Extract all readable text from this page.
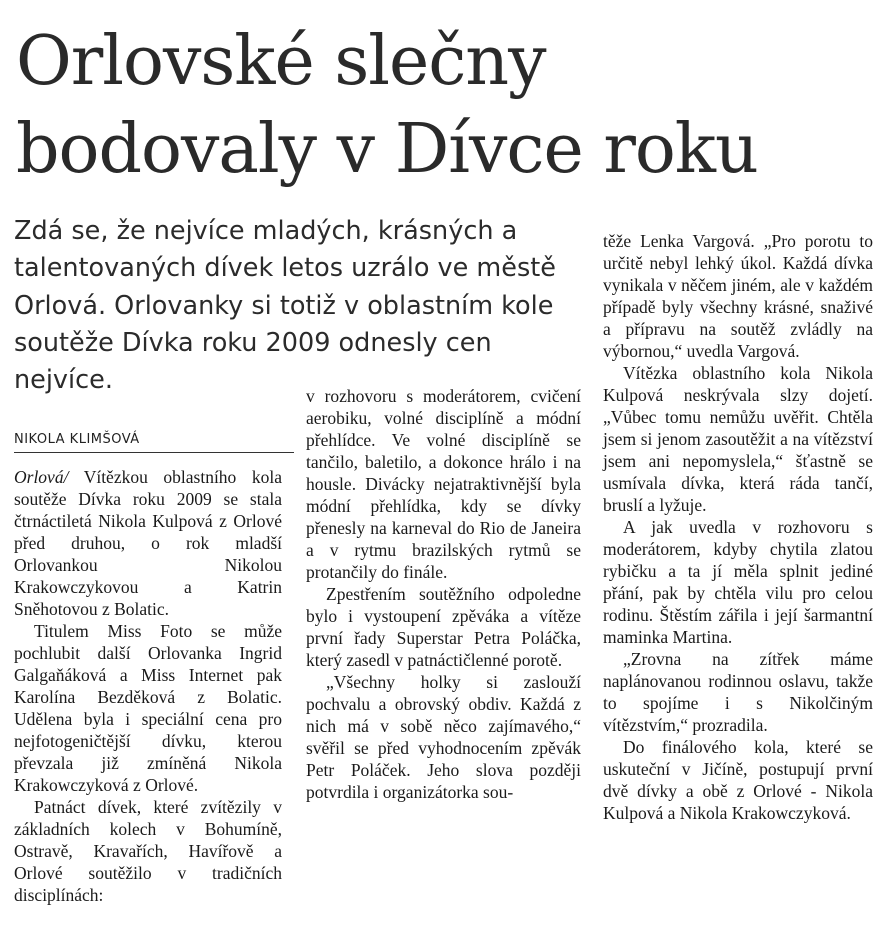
Orlovské slečny
bodovaly v Dívce roku

Zdá se, že nejvíce mladých, krásných a talentovaných dívek letos uzrálo ve městě Orlová. Orlovanky si totiž v oblastním kole soutěže Dívka roku 2009 odnesly cen nejvíce.

NIKOLA KLIMŠOVÁ

Orlová/ Vítězkou oblastního kola soutěže Dívka roku 2009 se stala čtrnáctiletá Nikola Kulpová z Orlové před druhou, o rok mladší Orlovankou Nikolou Krakowczykovou a Katrin Sněhotovou z Bolatic.

Titulem Miss Foto se může pochlubit další Orlovanka Ingrid Galgaňáková a Miss Internet pak Karolína Bezděková z Bolatic. Udělena byla i speciální cena pro nejfotogeničtější dívku, kterou převzala již zmíněná Nikola Krakowczyková z Orlové.

Patnáct dívek, které zvítězily v základních kolech v Bohumíně, Ostravě, Kravařích, Havířově a Orlové soutěžilo v tradičních disciplínách:

v rozhovoru s moderátorem, cvičení aerobiku, volné disciplíně a módní přehlídce. Ve volné disciplíně se tančilo, baletilo, a dokonce hrálo i na housle. Divácky nejatraktivnější byla módní přehlídka, kdy se dívky přenesly na karneval do Rio de Janeira a v rytmu brazilských rytmů se protančily do finále.

Zpestřením soutěžního odpoledne bylo i vystoupení zpěváka a vítěze první řady Superstar Petra Poláčka, který zasedl v patnáctičlenné porotě.

„Všechny holky si zaslouží pochvalu a obrovský obdiv. Každá z nich má v sobě něco zajímavého,“ svěřil se před vyhodnocením zpěvák Petr Poláček. Jeho slova později potvrdila i organizátorka sou-

těže Lenka Vargová. „Pro porotu to určitě nebyl lehký úkol. Každá dívka vynikala v něčem jiném, ale v každém případě byly všechny krásné, snaživé a přípravu na soutěž zvládly na výbornou,“ uvedla Vargová.

Vítězka oblastního kola Nikola Kulpová neskrývala slzy dojetí. „Vůbec tomu nemůžu uvěřit. Chtěla jsem si jenom zasoutěžit a na vítězství jsem ani nepomyslela,“ šťastně se usmívala dívka, která ráda tančí, bruslí a lyžuje.

A jak uvedla v rozhovoru s moderátorem, kdyby chytila zlatou rybičku a ta jí měla splnit jediné přání, pak by chtěla vilu pro celou rodinu. Štěstím zářila i její šarmantní maminka Martina.

„Zrovna na zítřek máme naplánovanou rodinnou oslavu, takže to spojíme i s Nikolčiným vítězstvím,“ prozradila.

Do finálového kola, které se uskuteční v Jičíně, postupují první dvě dívky a obě z Orlové - Nikola Kulpová a Nikola Krakowczyková.
